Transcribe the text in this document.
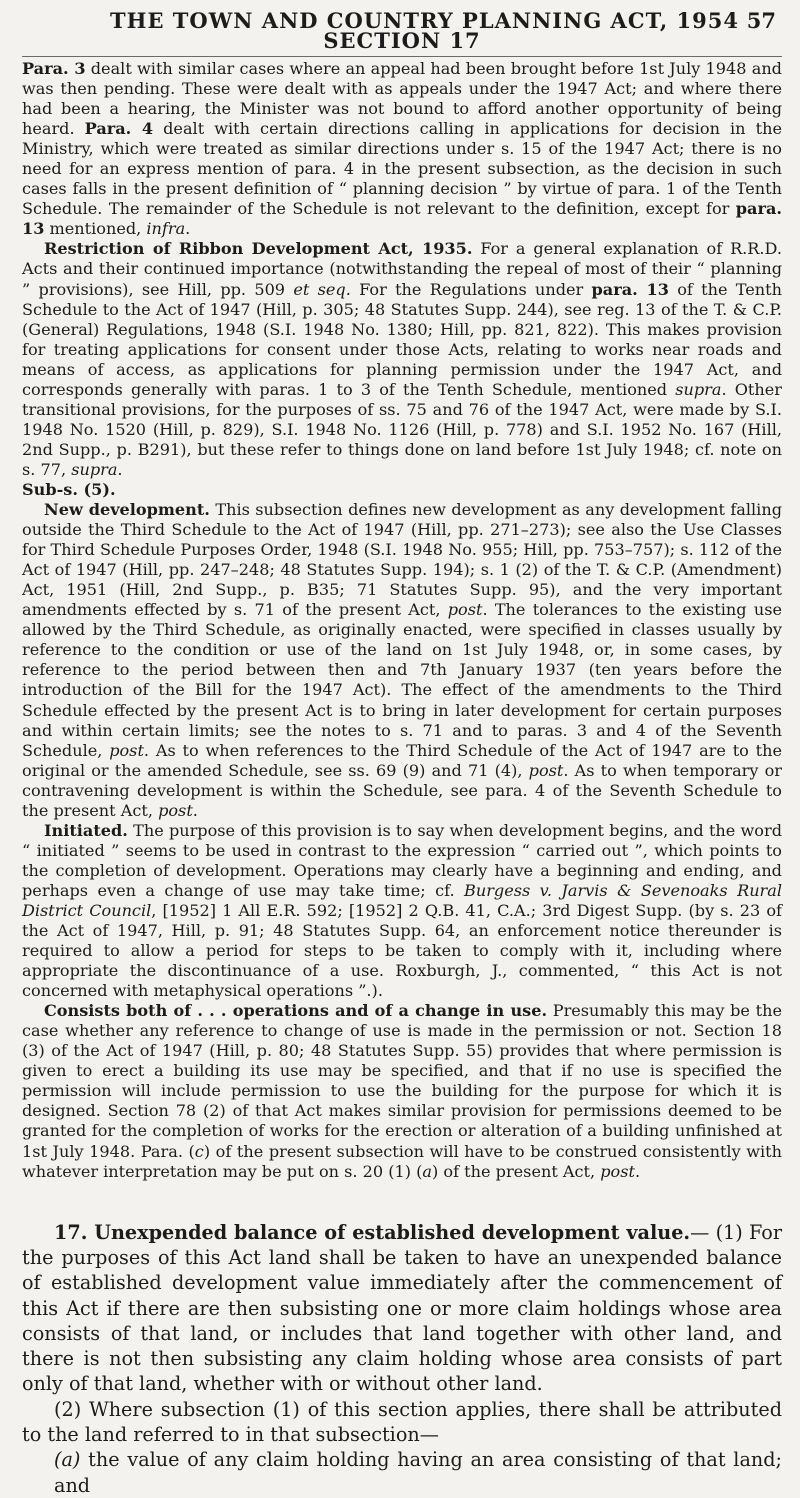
THE TOWN AND COUNTRY PLANNING ACT, 1954 57
SECTION 17

Para. 3 dealt with similar cases where an appeal had been brought before 1st July 1948 and was then pending. These were dealt with as appeals under the 1947 Act; and where there had been a hearing, the Minister was not bound to afford another opportunity of being heard. Para. 4 dealt with certain directions calling in applications for decision in the Ministry, which were treated as similar directions under s. 15 of the 1947 Act; there is no need for an express mention of para. 4 in the present subsection, as the decision in such cases falls in the present definition of “ planning decision ” by virtue of para. 1 of the Tenth Schedule. The remainder of the Schedule is not relevant to the definition, except for para. 13 mentioned, infra.

Restriction of Ribbon Development Act, 1935. For a general explanation of R.R.D. Acts and their continued importance (notwithstanding the repeal of most of their “ planning ” provisions), see Hill, pp. 509 et seq. For the Regulations under para. 13 of the Tenth Schedule to the Act of 1947 (Hill, p. 305; 48 Statutes Supp. 244), see reg. 13 of the T. & C.P. (General) Regulations, 1948 (S.I. 1948 No. 1380; Hill, pp. 821, 822). This makes provision for treating applications for consent under those Acts, relating to works near roads and means of access, as applications for planning permission under the 1947 Act, and corresponds generally with paras. 1 to 3 of the Tenth Schedule, mentioned supra. Other transitional provisions, for the purposes of ss. 75 and 76 of the 1947 Act, were made by S.I. 1948 No. 1520 (Hill, p. 829), S.I. 1948 No. 1126 (Hill, p. 778) and S.I. 1952 No. 167 (Hill, 2nd Supp., p. B291), but these refer to things done on land before 1st July 1948; cf. note on s. 77, supra.

Sub-s. (5).

New development. This subsection defines new development as any development falling outside the Third Schedule to the Act of 1947 (Hill, pp. 271–273); see also the Use Classes for Third Schedule Purposes Order, 1948 (S.I. 1948 No. 955; Hill, pp. 753–757); s. 112 of the Act of 1947 (Hill, pp. 247–248; 48 Statutes Supp. 194); s. 1 (2) of the T. & C.P. (Amendment) Act, 1951 (Hill, 2nd Supp., p. B35; 71 Statutes Supp. 95), and the very important amendments effected by s. 71 of the present Act, post. The tolerances to the existing use allowed by the Third Schedule, as originally enacted, were specified in classes usually by reference to the condition or use of the land on 1st July 1948, or, in some cases, by reference to the period between then and 7th January 1937 (ten years before the introduction of the Bill for the 1947 Act). The effect of the amendments to the Third Schedule effected by the present Act is to bring in later development for certain purposes and within certain limits; see the notes to s. 71 and to paras. 3 and 4 of the Seventh Schedule, post. As to when references to the Third Schedule of the Act of 1947 are to the original or the amended Schedule, see ss. 69 (9) and 71 (4), post. As to when temporary or contravening development is within the Schedule, see para. 4 of the Seventh Schedule to the present Act, post.

Initiated. The purpose of this provision is to say when development begins, and the word “ initiated ” seems to be used in contrast to the expression “ carried out ”, which points to the completion of development. Operations may clearly have a beginning and ending, and perhaps even a change of use may take time; cf. Burgess v. Jarvis & Sevenoaks Rural District Council, [1952] 1 All E.R. 592; [1952] 2 Q.B. 41, C.A.; 3rd Digest Supp. (by s. 23 of the Act of 1947, Hill, p. 91; 48 Statutes Supp. 64, an enforcement notice thereunder is required to allow a period for steps to be taken to comply with it, including where appropriate the discontinuance of a use. Roxburgh, J., commented, “ this Act is not concerned with metaphysical operations ”.).

Consists both of . . . operations and of a change in use. Presumably this may be the case whether any reference to change of use is made in the permission or not. Section 18 (3) of the Act of 1947 (Hill, p. 80; 48 Statutes Supp. 55) provides that where permission is given to erect a building its use may be specified, and that if no use is specified the permission will include permission to use the building for the purpose for which it is designed. Section 78 (2) of that Act makes similar provision for permissions deemed to be granted for the completion of works for the erection or alteration of a building unfinished at 1st July 1948. Para. (c) of the present subsection will have to be construed consistently with whatever interpretation may be put on s. 20 (1) (a) of the present Act, post.

17. Unexpended balance of established development value.— (1) For the purposes of this Act land shall be taken to have an unexpended balance of established development value immediately after the commencement of this Act if there are then subsisting one or more claim holdings whose area consists of that land, or includes that land together with other land, and there is not then subsisting any claim holding whose area consists of part only of that land, whether with or without other land.

(2) Where subsection (1) of this section applies, there shall be attributed to the land referred to in that subsection—

(a) the value of any claim holding having an area consisting of that land; and
